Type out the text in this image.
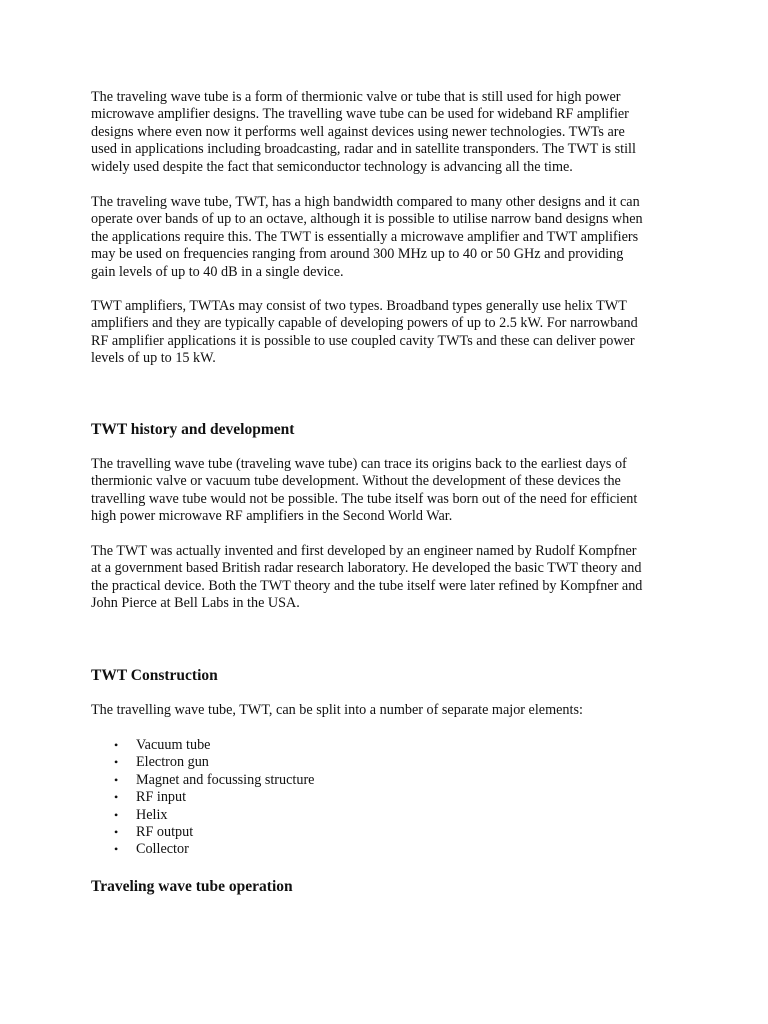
The traveling wave tube is a form of thermionic valve or tube that is still used for high power
microwave amplifier designs. The travelling wave tube can be used for wideband RF amplifier
designs where even now it performs well against devices using newer technologies. TWTs are
used in applications including broadcasting, radar and in satellite transponders. The TWT is still
widely used despite the fact that semiconductor technology is advancing all the time.

The traveling wave tube, TWT, has a high bandwidth compared to many other designs and it can
operate over bands of up to an octave, although it is possible to utilise narrow band designs when
the applications require this. The TWT is essentially a microwave amplifier and TWT amplifiers
may be used on frequencies ranging from around 300 MHz up to 40 or 50 GHz and providing
gain levels of up to 40 dB in a single device.

TWT amplifiers, TWTAs may consist of two types. Broadband types generally use helix TWT
amplifiers and they are typically capable of developing powers of up to 2.5 kW. For narrowband
RF amplifier applications it is possible to use coupled cavity TWTs and these can deliver power
levels of up to 15 kW.

TWT history and development

The travelling wave tube (traveling wave tube) can trace its origins back to the earliest days of
thermionic valve or vacuum tube development. Without the development of these devices the
travelling wave tube would not be possible. The tube itself was born out of the need for efficient
high power microwave RF amplifiers in the Second World War.

The TWT was actually invented and first developed by an engineer named by Rudolf Kompfner
at a government based British radar research laboratory. He developed the basic TWT theory and
the practical device. Both the TWT theory and the tube itself were later refined by Kompfner and
John Pierce at Bell Labs in the USA.

TWT Construction

The travelling wave tube, TWT, can be split into a number of separate major elements:

• Vacuum tube
• Electron gun
• Magnet and focussing structure
• RF input
• Helix
• RF output
• Collector
Traveling wave tube operation
